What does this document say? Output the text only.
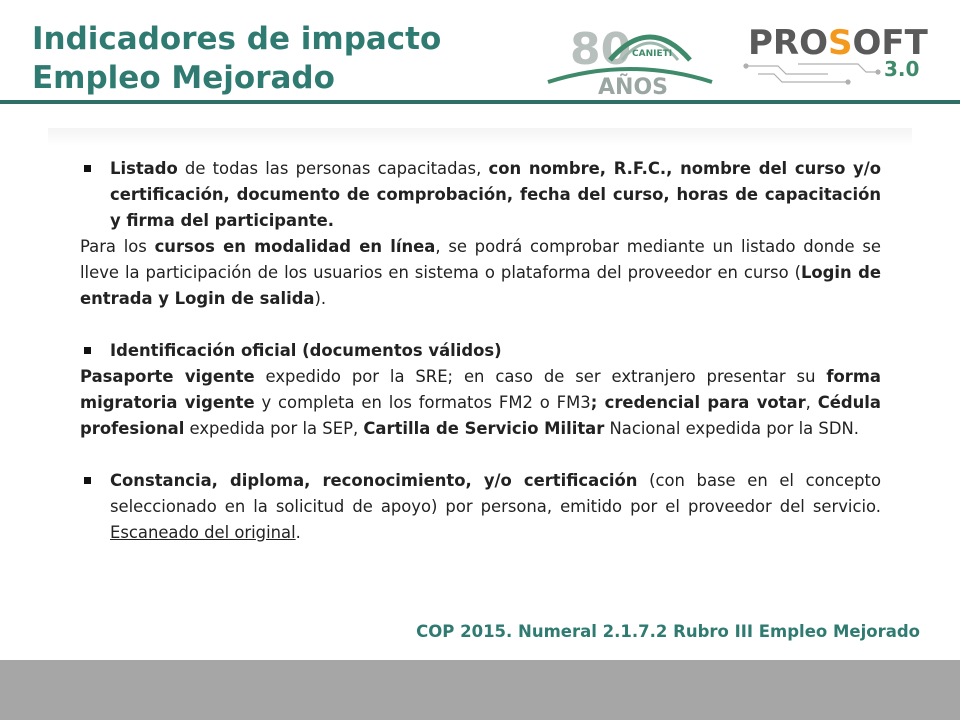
Indicadores de impacto
Empleo Mejorado
80 CANIETI
AÑOS
PROSOFT
3.0
Listado de todas las personas capacitadas, con nombre, R.F.C., nombre del curso y/o certificación, documento de comprobación, fecha del curso, horas de capacitación y firma del participante.
Para los cursos en modalidad en línea, se podrá comprobar mediante un listado donde se lleve la participación de los usuarios en sistema o plataforma del proveedor en curso (Login de entrada y Login de salida).
Identificación oficial (documentos válidos)
Pasaporte vigente expedido por la SRE; en caso de ser extranjero presentar su forma migratoria vigente y completa en los formatos FM2 o FM3; credencial para votar, Cédula profesional expedida por la SEP, Cartilla de Servicio Militar Nacional expedida por la SDN.
Constancia, diploma, reconocimiento, y/o certificación (con base en el concepto seleccionado en la solicitud de apoyo) por persona, emitido por el proveedor del servicio. Escaneado del original.
COP 2015. Numeral 2.1.7.2 Rubro III Empleo Mejorado
